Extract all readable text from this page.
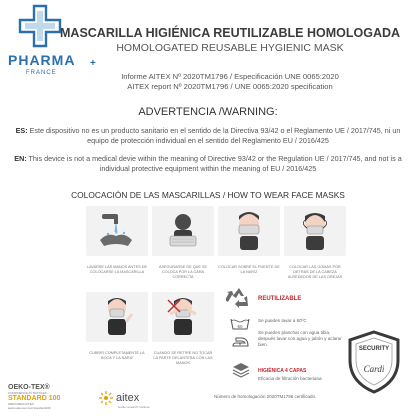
PHARMA +
FRANCE
MASCARILLA HIGIÉNICA REUTILIZABLE HOMOLOGADA
HOMOLOGATED REUSABLE HYGIENIC MASK
Informe AITEX Nº 2020TM1796 / Especificación UNE 0065:2020
AITEX report Nº 2020TM1796 / UNE 0065:2020 specification
ADVERTENCIA /WARNING:
ES: Este dispositivo no es un producto sanitario en el sentido de la Directiva 93/42 o el Reglamento UE / 2017/745, ni un equipo de protección individual en el sentido del Reglamento EU / 2016/425
EN: This device is not a medical devie within the meaning of Directive 93/42 or the Regulation UE / 2017/745, and not is a individual protective equipment within the meaning of EU / 2016/425
COLOCACIÓN DE LAS MASCARILLAS / HOW TO WEAR FACE MASKS
LAVARSE LAS MANOS ANTES DE COLOCARSE LA MASCARILLA
ASEGURARSE DE QUE SE COLOCA POR LA CARA CORRECTA
COLOCAR SOBRE EL PUENTE DE LA NARIZ
COLOCAR LAS GOMAS POR DETRÁS DE LA CABEZA ALREDEDOR DE LAS OREJAS
CUBRIR COMPLETAMENTE LA BOCA Y LA NARIZ
CUANDO SE RETIRE NO TOCAR LA PARTE DELANTERA CON LAS MANOS
REUTILIZABLE
60
Se pueden lavar a 60ºC
Se pueden planchar con agua tibia, después lavar con agua y jabón y aclarar bien.
HIGIÉNICA 4 CAPAS
Eficacia de filtración bacteriana
SECURITY
Cardi
OEKO-TEX®
CONFIDENCE IN TEXTILES
STANDARD 100
20ECO0003 AITEX
www.oeko-tex.com/standard100
aitex
textile research institute
Número de homologación 2020TM1796 certificado.
